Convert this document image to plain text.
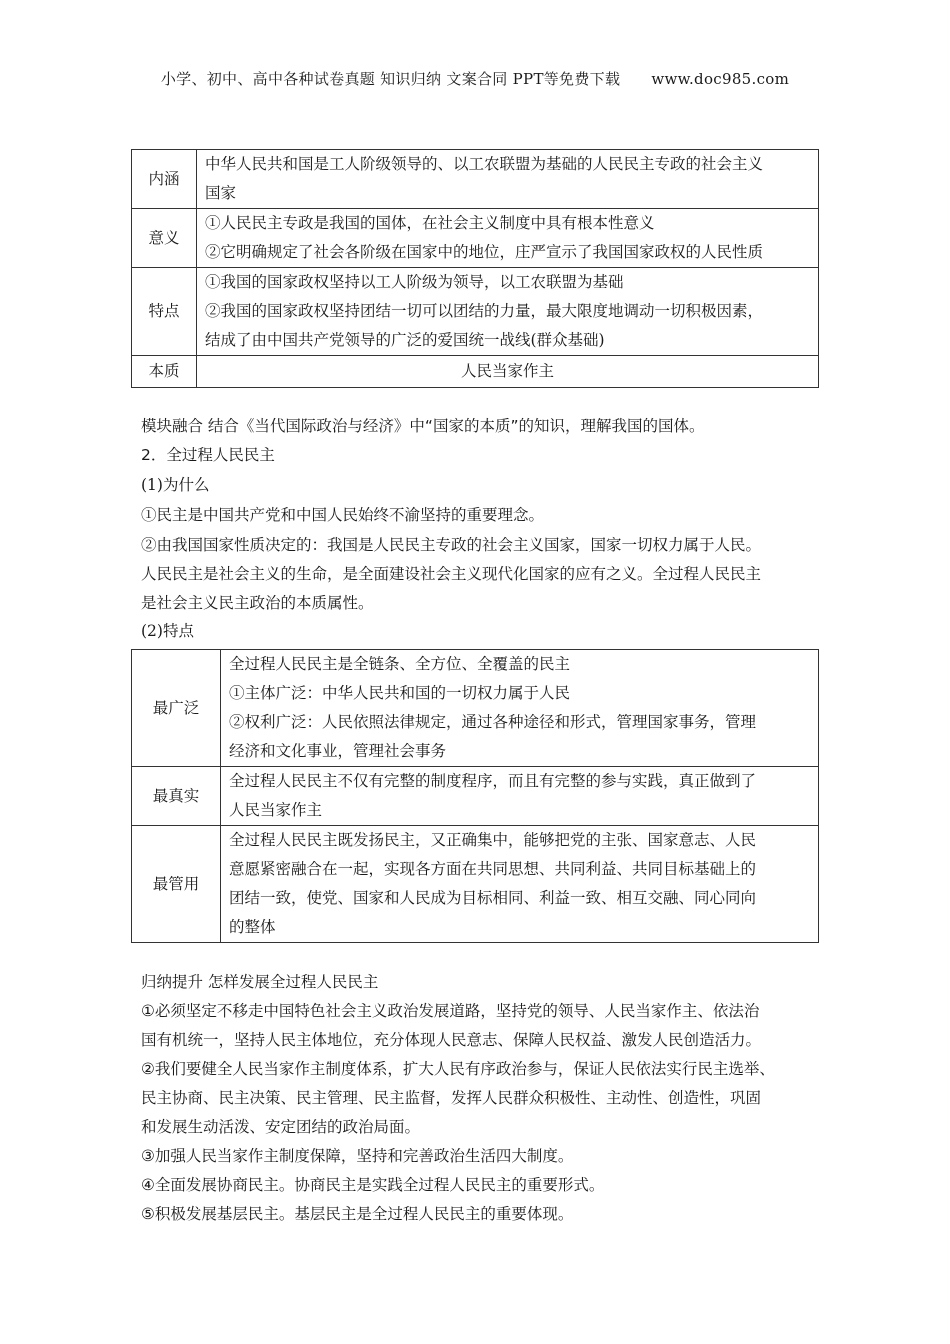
小学、初中、高中各种试卷真题 知识归纳 文案合同 PPT等免费下载 www.doc985.com
内涵	中华人民共和国是工人阶级领导的、以工农联盟为基础的人民民主专政的社会主义
国家

意义	①人民民主专政是我国的国体，在社会主义制度中具有根本性意义
②它明确规定了社会各阶级在国家中的地位，庄严宣示了我国国家政权的人民性质

特点	①我国的国家政权坚持以工人阶级为领导，以工农联盟为基础
②我国的国家政权坚持团结一切可以团结的力量，最大限度地调动一切积极因素，
结成了由中国共产党领导的广泛的爱国统一战线(群众基础)

本质	人民当家作主
模块融合 结合《当代国际政治与经济》中“国家的本质”的知识，理解我国的国体。
2．全过程人民民主
(1)为什么
①民主是中国共产党和中国人民始终不渝坚持的重要理念。
②由我国国家性质决定的：我国是人民民主专政的社会主义国家，国家一切权力属于人民。
人民民主是社会主义的生命，是全面建设社会主义现代化国家的应有之义。全过程人民民主
是社会主义民主政治的本质属性。
(2)特点
最广泛	全过程人民民主是全链条、全方位、全覆盖的民主
①主体广泛：中华人民共和国的一切权力属于人民
②权利广泛：人民依照法律规定，通过各种途径和形式，管理国家事务，管理
经济和文化事业，管理社会事务

最真实	全过程人民民主不仅有完整的制度程序，而且有完整的参与实践，真正做到了
人民当家作主

最管用	全过程人民民主既发扬民主，又正确集中，能够把党的主张、国家意志、人民
意愿紧密融合在一起，实现各方面在共同思想、共同利益、共同目标基础上的
团结一致，使党、国家和人民成为目标相同、利益一致、相互交融、同心同向
的整体
归纳提升 怎样发展全过程人民民主
①必须坚定不移走中国特色社会主义政治发展道路，坚持党的领导、人民当家作主、依法治
国有机统一，坚持人民主体地位，充分体现人民意志、保障人民权益、激发人民创造活力。
②我们要健全人民当家作主制度体系，扩大人民有序政治参与，保证人民依法实行民主选举、
民主协商、民主决策、民主管理、民主监督，发挥人民群众积极性、主动性、创造性，巩固
和发展生动活泼、安定团结的政治局面。
③加强人民当家作主制度保障，坚持和完善政治生活四大制度。
④全面发展协商民主。协商民主是实践全过程人民民主的重要形式。
⑤积极发展基层民主。基层民主是全过程人民民主的重要体现。
